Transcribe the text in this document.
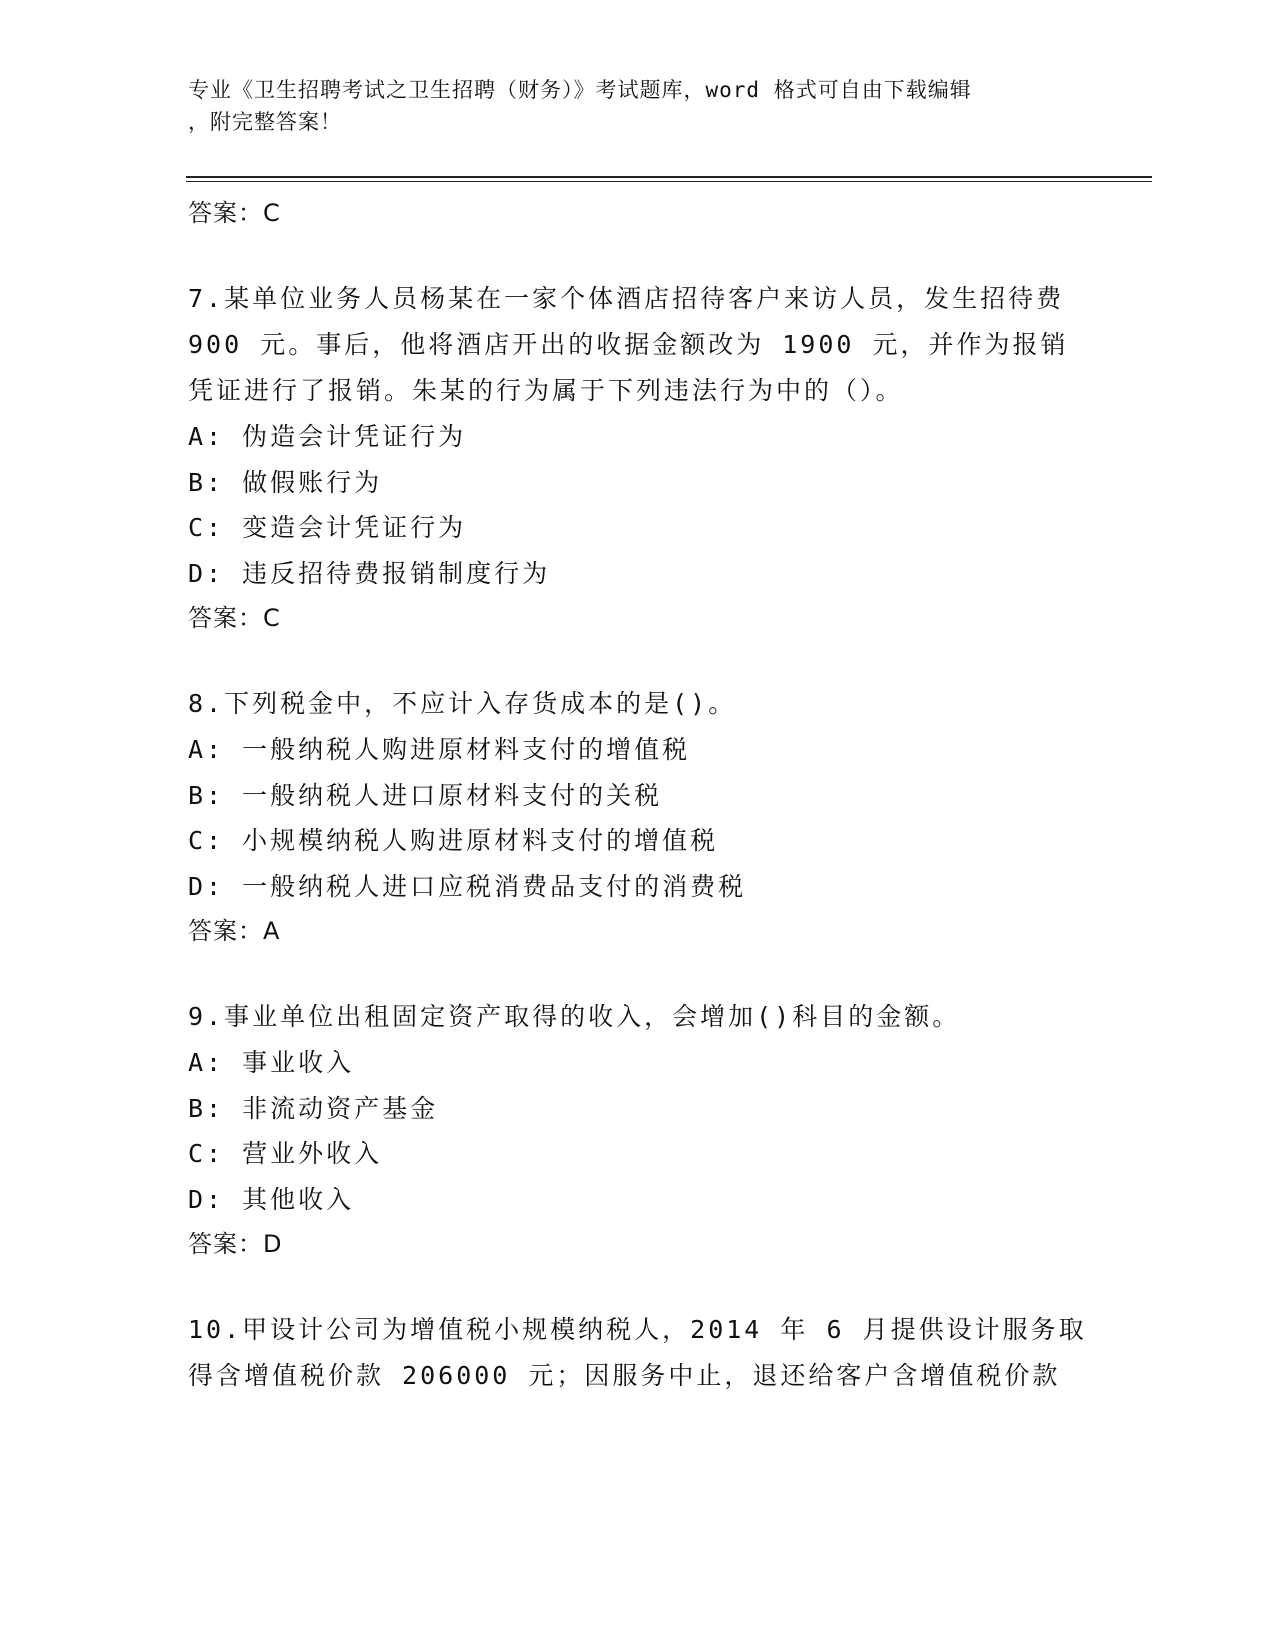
专业《卫生招聘考试之卫生招聘（财务）》考试题库，word 格式可自由下载编辑
，附完整答案！
答案：C
7.某单位业务人员杨某在一家个体酒店招待客户来访人员，发生招待费 900 元。事后，他将酒店开出的收据金额改为 1900 元，并作为报销凭证进行了报销。朱某的行为属于下列违法行为中的（）。
A: 伪造会计凭证行为
B: 做假账行为
C: 变造会计凭证行为
D: 违反招待费报销制度行为
答案：C
8.下列税金中，不应计入存货成本的是()。
A: 一般纳税人购进原材料支付的增值税
B: 一般纳税人进口原材料支付的关税
C: 小规模纳税人购进原材料支付的增值税
D: 一般纳税人进口应税消费品支付的消费税
答案：A
9.事业单位出租固定资产取得的收入，会增加()科目的金额。
A: 事业收入
B: 非流动资产基金
C: 营业外收入
D: 其他收入
答案：D
10.甲设计公司为增值税小规模纳税人，2014 年 6 月提供设计服务取得含增值税价款 206000 元；因服务中止，退还给客户含增值税价款
